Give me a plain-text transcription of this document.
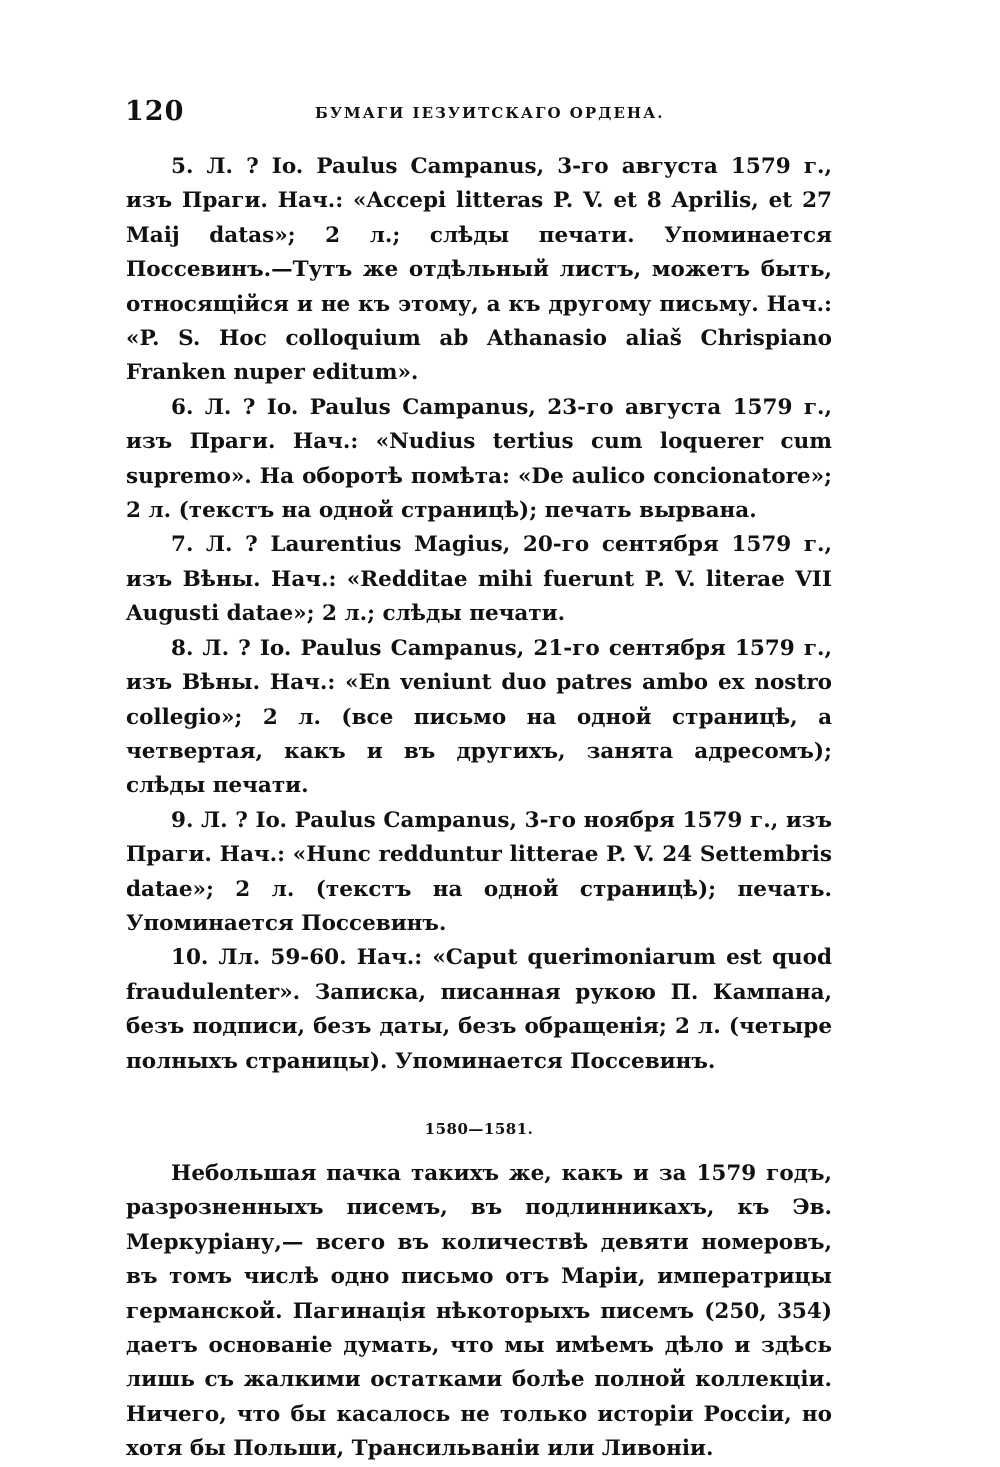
120	БУМАГИ ІЕЗУИТСКАГО ОРДЕНА.

5. Л. ? Io. Paulus Campanus, 3-го августа 1579 г., изъ Праги. Нач.: «Accepi litteras P. V. et 8 Aprilis, et 27 Maij datas»; 2 л.; слѣды печати. Упоминается Поссевинъ.—Тутъ же отдѣльный листъ, можетъ быть, относящійся и не къ этому, а къ другому письму. Нач.: «P. S. Hoc colloquium ab Athanasio aliaš Chrispiano Franken nuper editum».

6. Л. ? Io. Paulus Campanus, 23-го августа 1579 г., изъ Праги. Нач.: «Nudius tertius cum loquerer cum supremo». На оборотѣ помѣта: «De aulico concionatore»; 2 л. (текстъ на одной страницѣ); печать вырвана.

7. Л. ? Laurentius Magius, 20-го сентября 1579 г., изъ Вѣны. Нач.: «Redditae mihi fuerunt P. V. literae VII Augusti datae»; 2 л.; слѣды печати.

8. Л. ? Io. Paulus Campanus, 21-го сентября 1579 г., изъ Вѣны. Нач.: «En veniunt duo patres ambo ex nostro collegio»; 2 л. (все письмо на одной страницѣ, а четвертая, какъ и въ другихъ, занята адресомъ); слѣды печати.

9. Л. ? Io. Paulus Campanus, 3-го ноября 1579 г., изъ Праги. Нач.: «Hunc redduntur litterae P. V. 24 Settembris datae»; 2 л. (текстъ на одной страницѣ); печать. Упоминается Поссевинъ.

10. Лл. 59-60. Нач.: «Caput querimoniarum est quod fraudulenter». Записка, писанная рукою П. Кампана, безъ подписи, безъ даты, безъ обращенія; 2 л. (четыре полныхъ страницы). Упоминается Поссевинъ.

1580—1581.

Небольшая пачка такихъ же, какъ и за 1579 годъ, разрозненныхъ писемъ, въ подлинникахъ, къ Эв. Меркуріану,— всего въ количествѣ девяти номеровъ, въ томъ числѣ одно письмо отъ Маріи, императрицы германской. Пагинація нѣкоторыхъ писемъ (250, 354) даетъ основаніе думать, что мы имѣемъ дѣло и здѣсь лишь съ жалкими остатками болѣе полной коллекціи. Ничего, что бы касалось не только исторіи Россіи, но хотя бы Польши, Трансильваніи или Ливоніи.
